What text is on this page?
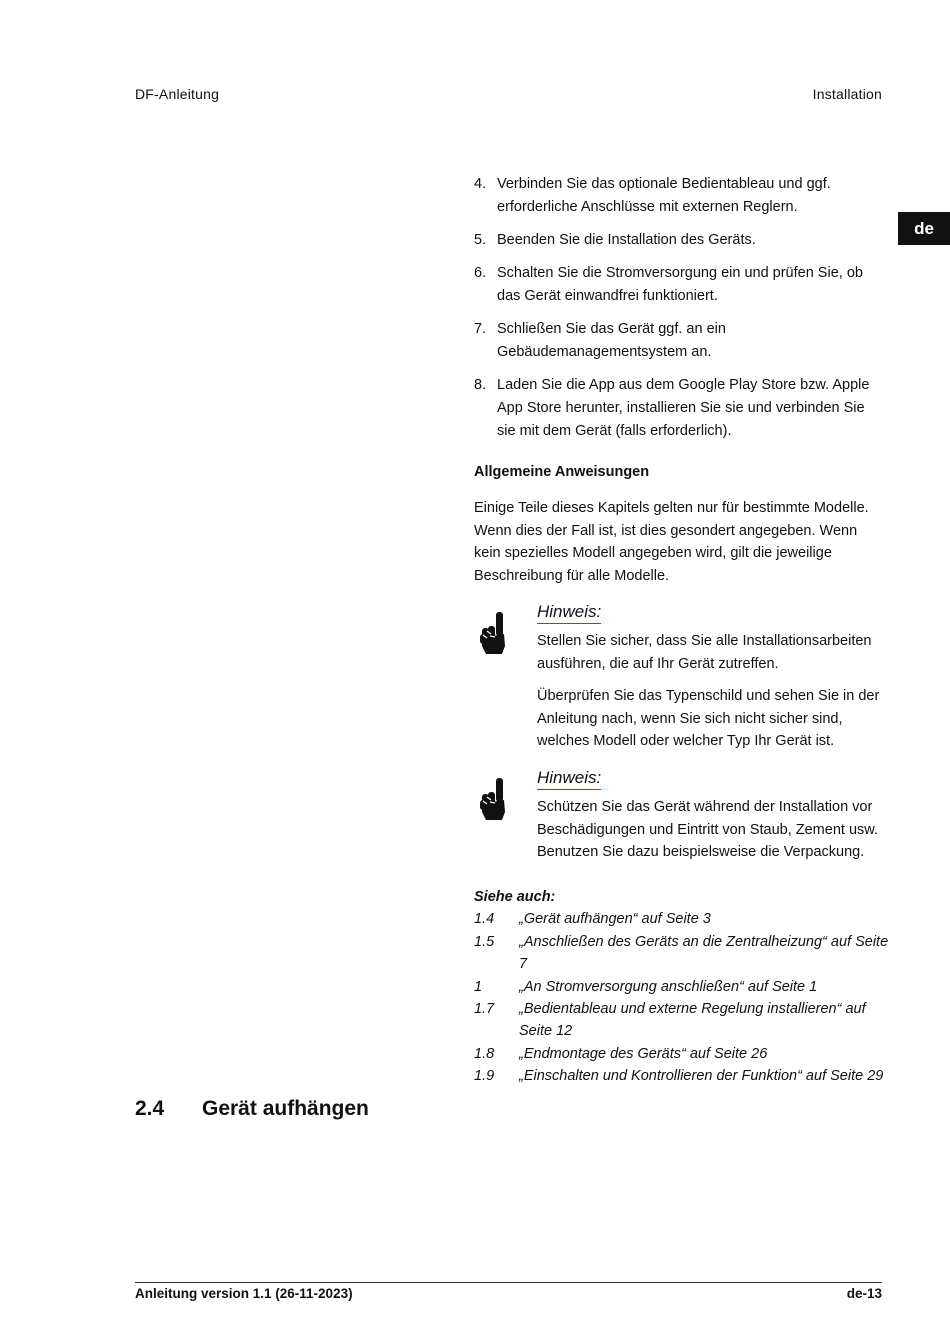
DF-Anleitung	Installation
de
4. Verbinden Sie das optionale Bedientableau und ggf. erforderliche Anschlüsse mit externen Reglern.
5. Beenden Sie die Installation des Geräts.
6. Schalten Sie die Stromversorgung ein und prüfen Sie, ob das Gerät einwandfrei funktioniert.
7. Schließen Sie das Gerät ggf. an ein Gebäudemanagementsystem an.
8. Laden Sie die App aus dem Google Play Store bzw. Apple App Store herunter, installieren Sie sie und verbinden Sie sie mit dem Gerät (falls erforderlich).
Allgemeine Anweisungen
Einige Teile dieses Kapitels gelten nur für bestimmte Modelle. Wenn dies der Fall ist, ist dies gesondert angegeben. Wenn kein spezielles Modell angegeben wird, gilt die jeweilige Beschreibung für alle Modelle.
Hinweis:

Stellen Sie sicher, dass Sie alle Installationsarbeiten ausführen, die auf Ihr Gerät zutreffen.

Überprüfen Sie das Typenschild und sehen Sie in der Anleitung nach, wenn Sie sich nicht sicher sind, welches Modell oder welcher Typ Ihr Gerät ist.

Hinweis:

Schützen Sie das Gerät während der Installation vor Beschädigungen und Eintritt von Staub, Zement usw. Benutzen Sie dazu beispielsweise die Verpackung.

Siehe auch:
1.4	„Gerät aufhängen“ auf Seite 3
1.5	„Anschließen des Geräts an die Zentralheizung“ auf Seite 7
1	„An Stromversorgung anschließen“ auf Seite 1
1.7	„Bedientableau und externe Regelung installieren“ auf Seite 12
1.8	„Endmontage des Geräts“ auf Seite 26
1.9	„Einschalten und Kontrollieren der Funktion“ auf Seite 29
2.4 Gerät aufhängen
Anleitung version 1.1 (26-11-2023)	de-13
